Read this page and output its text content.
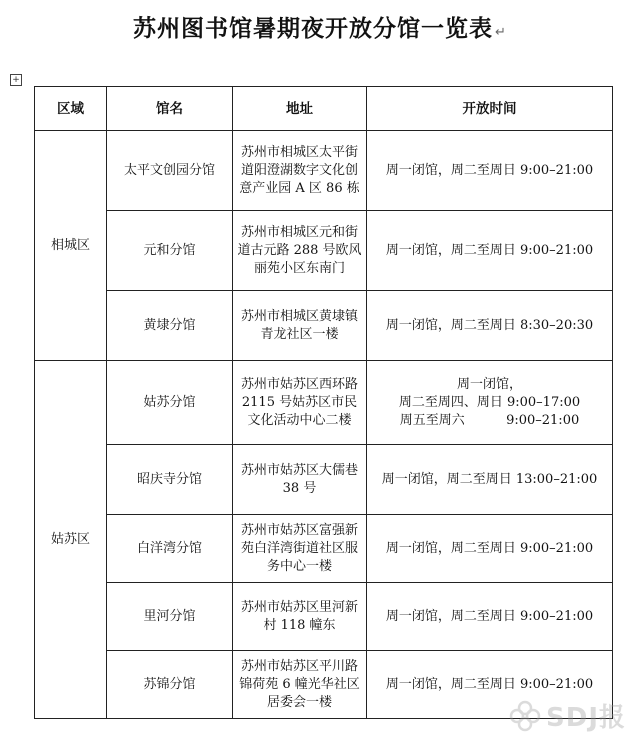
苏州图书馆暑期夜开放分馆一览表 ↵
+
区域	馆名	地址	开放时间
相城区	太平文创园分馆	苏州市相城区太平街道阳澄湖数字文化创意产业园 A 区 86 栋	周一闭馆，周二至周日 9:00–21:00
	元和分馆	苏州市相城区元和街道古元路 288 号欧风丽苑小区东南门	周一闭馆，周二至周日 9:00–21:00
	黄埭分馆	苏州市相城区黄埭镇青龙社区一楼	周一闭馆，周二至周日 8:30–20:30
姑苏区	姑苏分馆	苏州市姑苏区西环路 2115 号姑苏区市民文化活动中心二楼	周一闭馆，
周二至周四、周日 9:00–17:00
周五至周六          9:00–21:00

	昭庆寺分馆	苏州市姑苏区大儒巷 38 号	周一闭馆，周二至周日 13:00–21:00
	白洋湾分馆	苏州市姑苏区富强新苑白洋湾街道社区服务中心一楼	周一闭馆，周二至周日 9:00–21:00
	里河分馆	苏州市姑苏区里河新村 118 幢东	周一闭馆，周二至周日 9:00–21:00
	苏锦分馆	苏州市姑苏区平川路锦荷苑 6 幢光华社区居委会一楼	周一闭馆，周二至周日 9:00–21:00
SDJ报
